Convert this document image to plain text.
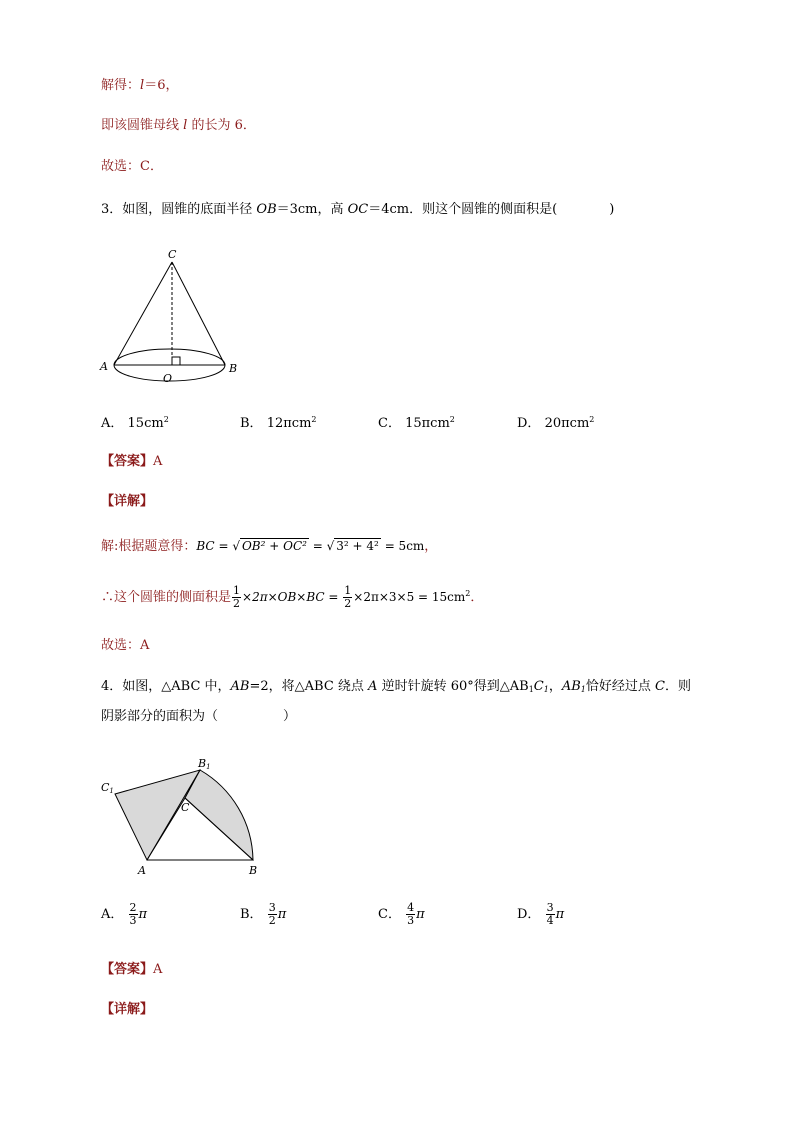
解得：l＝6，
即该圆锥母线 l 的长为 6．
故选：C．
3．如图，圆锥的底面半径 OB＝3cm，高 OC＝4cm．则这个圆锥的侧面积是(　　　　)
C
A	B
O
A． $15cm^2$	B． 12πcm$^2$	C． 15πcm$^2$	D． 20πcm$^2$
【答案】A
【详解】
解:根据题意得：BC = √ OB² + OC² = √ 3² + 4² = 5cm，
∴这个圆锥的侧面积是 $\frac{1}{2} \times 2\pi\times OB\times BC = \frac{1}{2} \times 2\pi\times 3\times 5 = 15cm^2$．
故选：A
4．如图，△ABC 中，AB=2，将△ABC 绕点 A 逆时针旋转 60°得到$\triangle AB_1C_1$，$AB_1$恰好经过点 C．则
阴影部分的面积为（　　　　　）
B1
C1
C
A	B
A． $\frac{2}{3}$ π	B． $\frac{3}{2}$ π	C． $\frac{4}{3}$ π	D． $\frac{3}{4}$ π
【答案】A
【详解】
